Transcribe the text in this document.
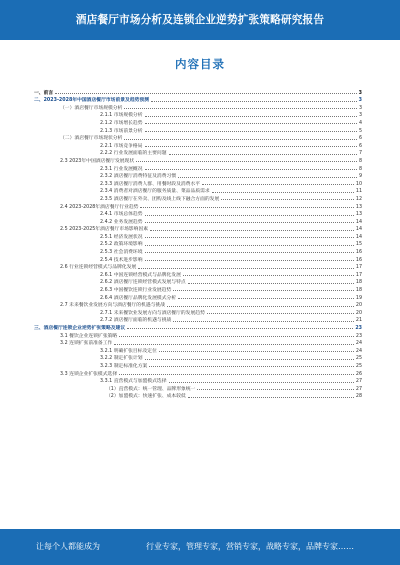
酒店餐厅市场分析及连锁企业逆势扩张策略研究报告
内容目录
一、前言	3
二、2023-2028年中国酒店餐厅市场前景及趋势预测	3
（一）酒店餐厅市场规模分析	3
2.1.1 市场规模分析	3
2.1.2 市场增长趋势	4
2.1.3 市场前景分析	5
（二）酒店餐厅市场现状分析	6
2.2.1 市场竞争格局	6
2.2.2 行业发展面临的主要问题	7
2.3 2023年中国酒店餐厅发展现状	8
2.3.1 行业发展概况	8
2.3.2 酒店餐厅消费特征及消费习惯	9
2.3.3 酒店餐厅消费人群、用餐时段及消费水平	10
2.3.4 消费者对酒店餐厅的服务质量、菜品品质需求	11
2.3.5 酒店餐厅在外卖、团购及线上线下融合方面的发展	12
2.4 2023-2028年酒店餐厅行业趋势	13
2.4.1 市场总体趋势	13
2.4.2 业务发展趋势	14
2.5 2023-2025年酒店餐厅市场影响因素	14
2.5.1 经济发展状况	14
2.5.2 政策环境影响	15
2.5.3 社会消费环境	16
2.5.4 技术进步影响	16
2.6 行业连锁经营模式与品牌化发展	17
2.6.1 中国连锁经营模式与品牌化发展	17
2.6.2 酒店餐厅连锁经营模式发展与特点	18
2.6.3 中国餐饮连锁行业发展趋势	18
2.6.4 酒店餐厅品牌化发展模式分析	19
2.7 未来餐饮业发展方向与酒店餐厅的机遇与挑战	20
2.7.1 未来餐饮业发展方向与酒店餐厅的发展趋势	20
2.7.2 酒店餐厅面临的机遇与挑战	21
三、酒店餐厅连锁企业逆势扩张策略及建议	23
3.1 餐饮企业连锁扩张策略	23
3.2 连锁扩张前准备工作	24
3.2.1 明确扩张目标及定位	24
3.2.2 制定扩张计划	25
3.2.3 制定标准化方案	25
3.3 连锁企业扩张模式选择	26
3.3.1 直营模式与加盟模式选择	27
（1）直营模式：统一管理、品牌形象统一	27
（2）加盟模式：快速扩张、成本较低	28
让每个人都能成为	行业专家，管理专家，营销专家，战略专家，品牌专家……
